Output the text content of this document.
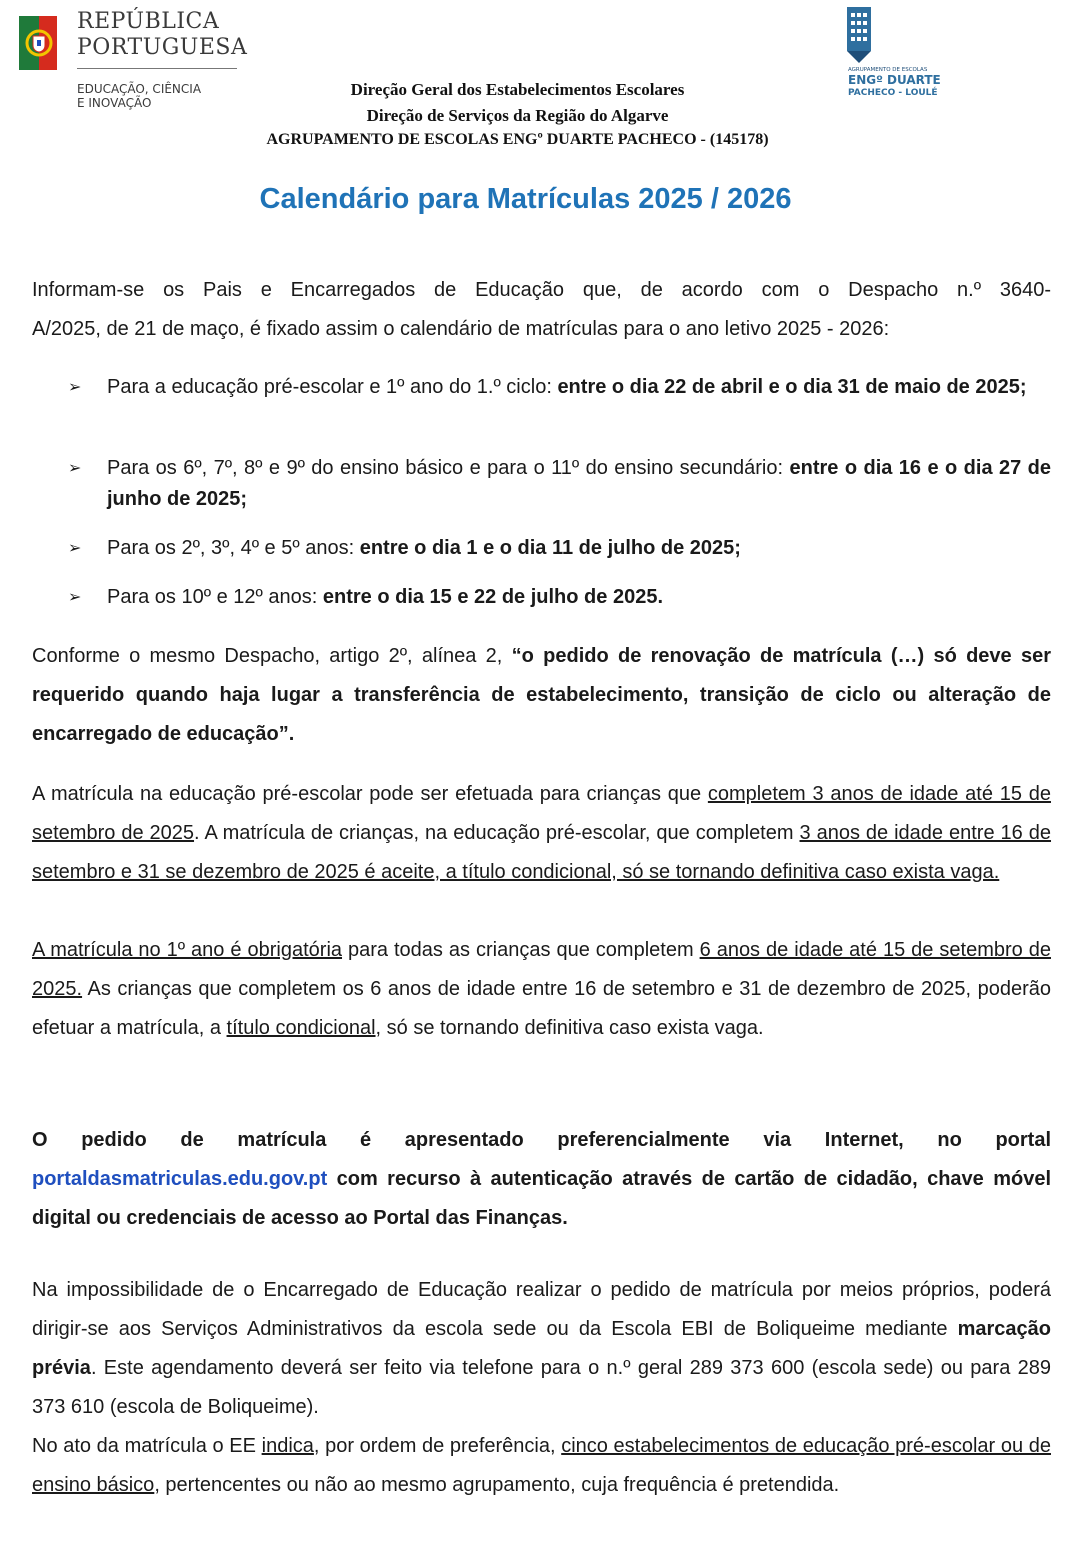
REPÚBLICA
PORTUGUESA
EDUCAÇÃO, CIÊNCIA
E INOVAÇÃO
AGRUPAMENTO DE ESCOLAS
ENGº DUARTE
PACHECO - LOULÉ
Direção Geral dos Estabelecimentos Escolares
Direção de Serviços da Região do Algarve
AGRUPAMENTO DE ESCOLAS ENGº DUARTE PACHECO - (145178)
Calendário para Matrículas 2025 / 2026
Informam-se os Pais e Encarregados de Educação que, de acordo com o Despacho n.º 3640-
A/2025, de 21 de maço, é fixado assim o calendário de matrículas para o ano letivo 2025 - 2026:
➢ Para a educação pré-escolar e 1º ano do 1.º ciclo: entre o dia 22 de abril e o dia 31 de maio de 2025;
➢ Para os 6º, 7º, 8º e 9º do ensino básico e para o 11º do ensino secundário: entre o dia 16 e o dia 27 de junho de 2025;
➢ Para os 2º, 3º, 4º e 5º anos: entre o dia 1 e o dia 11 de julho de 2025;
➢ Para os 10º e 12º anos: entre o dia 15 e 22 de julho de 2025.
Conforme o mesmo Despacho, artigo 2º, alínea 2, “o pedido de renovação de matrícula (…) só deve ser requerido quando haja lugar a transferência de estabelecimento, transição de ciclo ou alteração de encarregado de educação”.
A matrícula na educação pré-escolar pode ser efetuada para crianças que completem 3 anos de idade até 15 de setembro de 2025. A matrícula de crianças, na educação pré-escolar, que completem 3 anos de idade entre 16 de setembro e 31 se dezembro de 2025 é aceite, a título condicional, só se tornando definitiva caso exista vaga.
A matrícula no 1º ano é obrigatória para todas as crianças que completem 6 anos de idade até 15 de setembro de 2025. As crianças que completem os 6 anos de idade entre 16 de setembro e 31 de dezembro de 2025, poderão efetuar a matrícula, a título condicional, só se tornando definitiva caso exista vaga.
O pedido de matrícula é apresentado preferencialmente via Internet, no portal portaldasmatriculas.edu.gov.pt com recurso à autenticação através de cartão de cidadão, chave móvel digital ou credenciais de acesso ao Portal das Finanças.
Na impossibilidade de o Encarregado de Educação realizar o pedido de matrícula por meios próprios, poderá dirigir-se aos Serviços Administrativos da escola sede ou da Escola EBI de Boliqueime mediante marcação prévia. Este agendamento deverá ser feito via telefone para o n.º geral 289 373 600 (escola sede) ou para 289 373 610 (escola de Boliqueime).
No ato da matrícula o EE indica, por ordem de preferência, cinco estabelecimentos de educação pré-escolar ou de ensino básico, pertencentes ou não ao mesmo agrupamento, cuja frequência é pretendida.
